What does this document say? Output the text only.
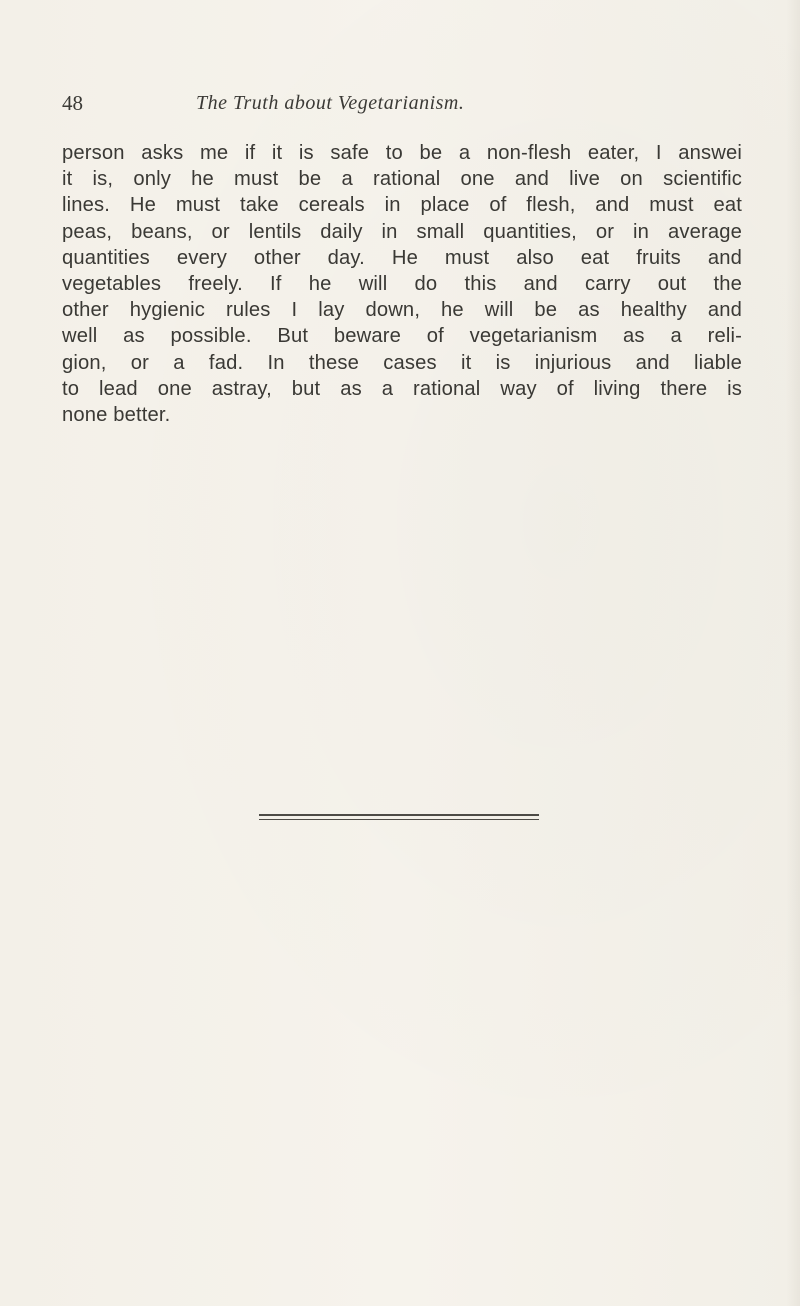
48	The Truth about Vegetarianism.
person asks me if it is safe to be a non-flesh eater, I answei
it is, only he must be a rational one and live on scientific
lines. He must take cereals in place of flesh, and must eat
peas, beans, or lentils daily in small quantities, or in average
quantities every other day. He must also eat fruits and
vegetables freely. If he will do this and carry out the
other hygienic rules I lay down, he will be as healthy and
well as possible. But beware of vegetarianism as a reli-
gion, or a fad. In these cases it is injurious and liable
to lead one astray, but as a rational way of living there is
none better.
